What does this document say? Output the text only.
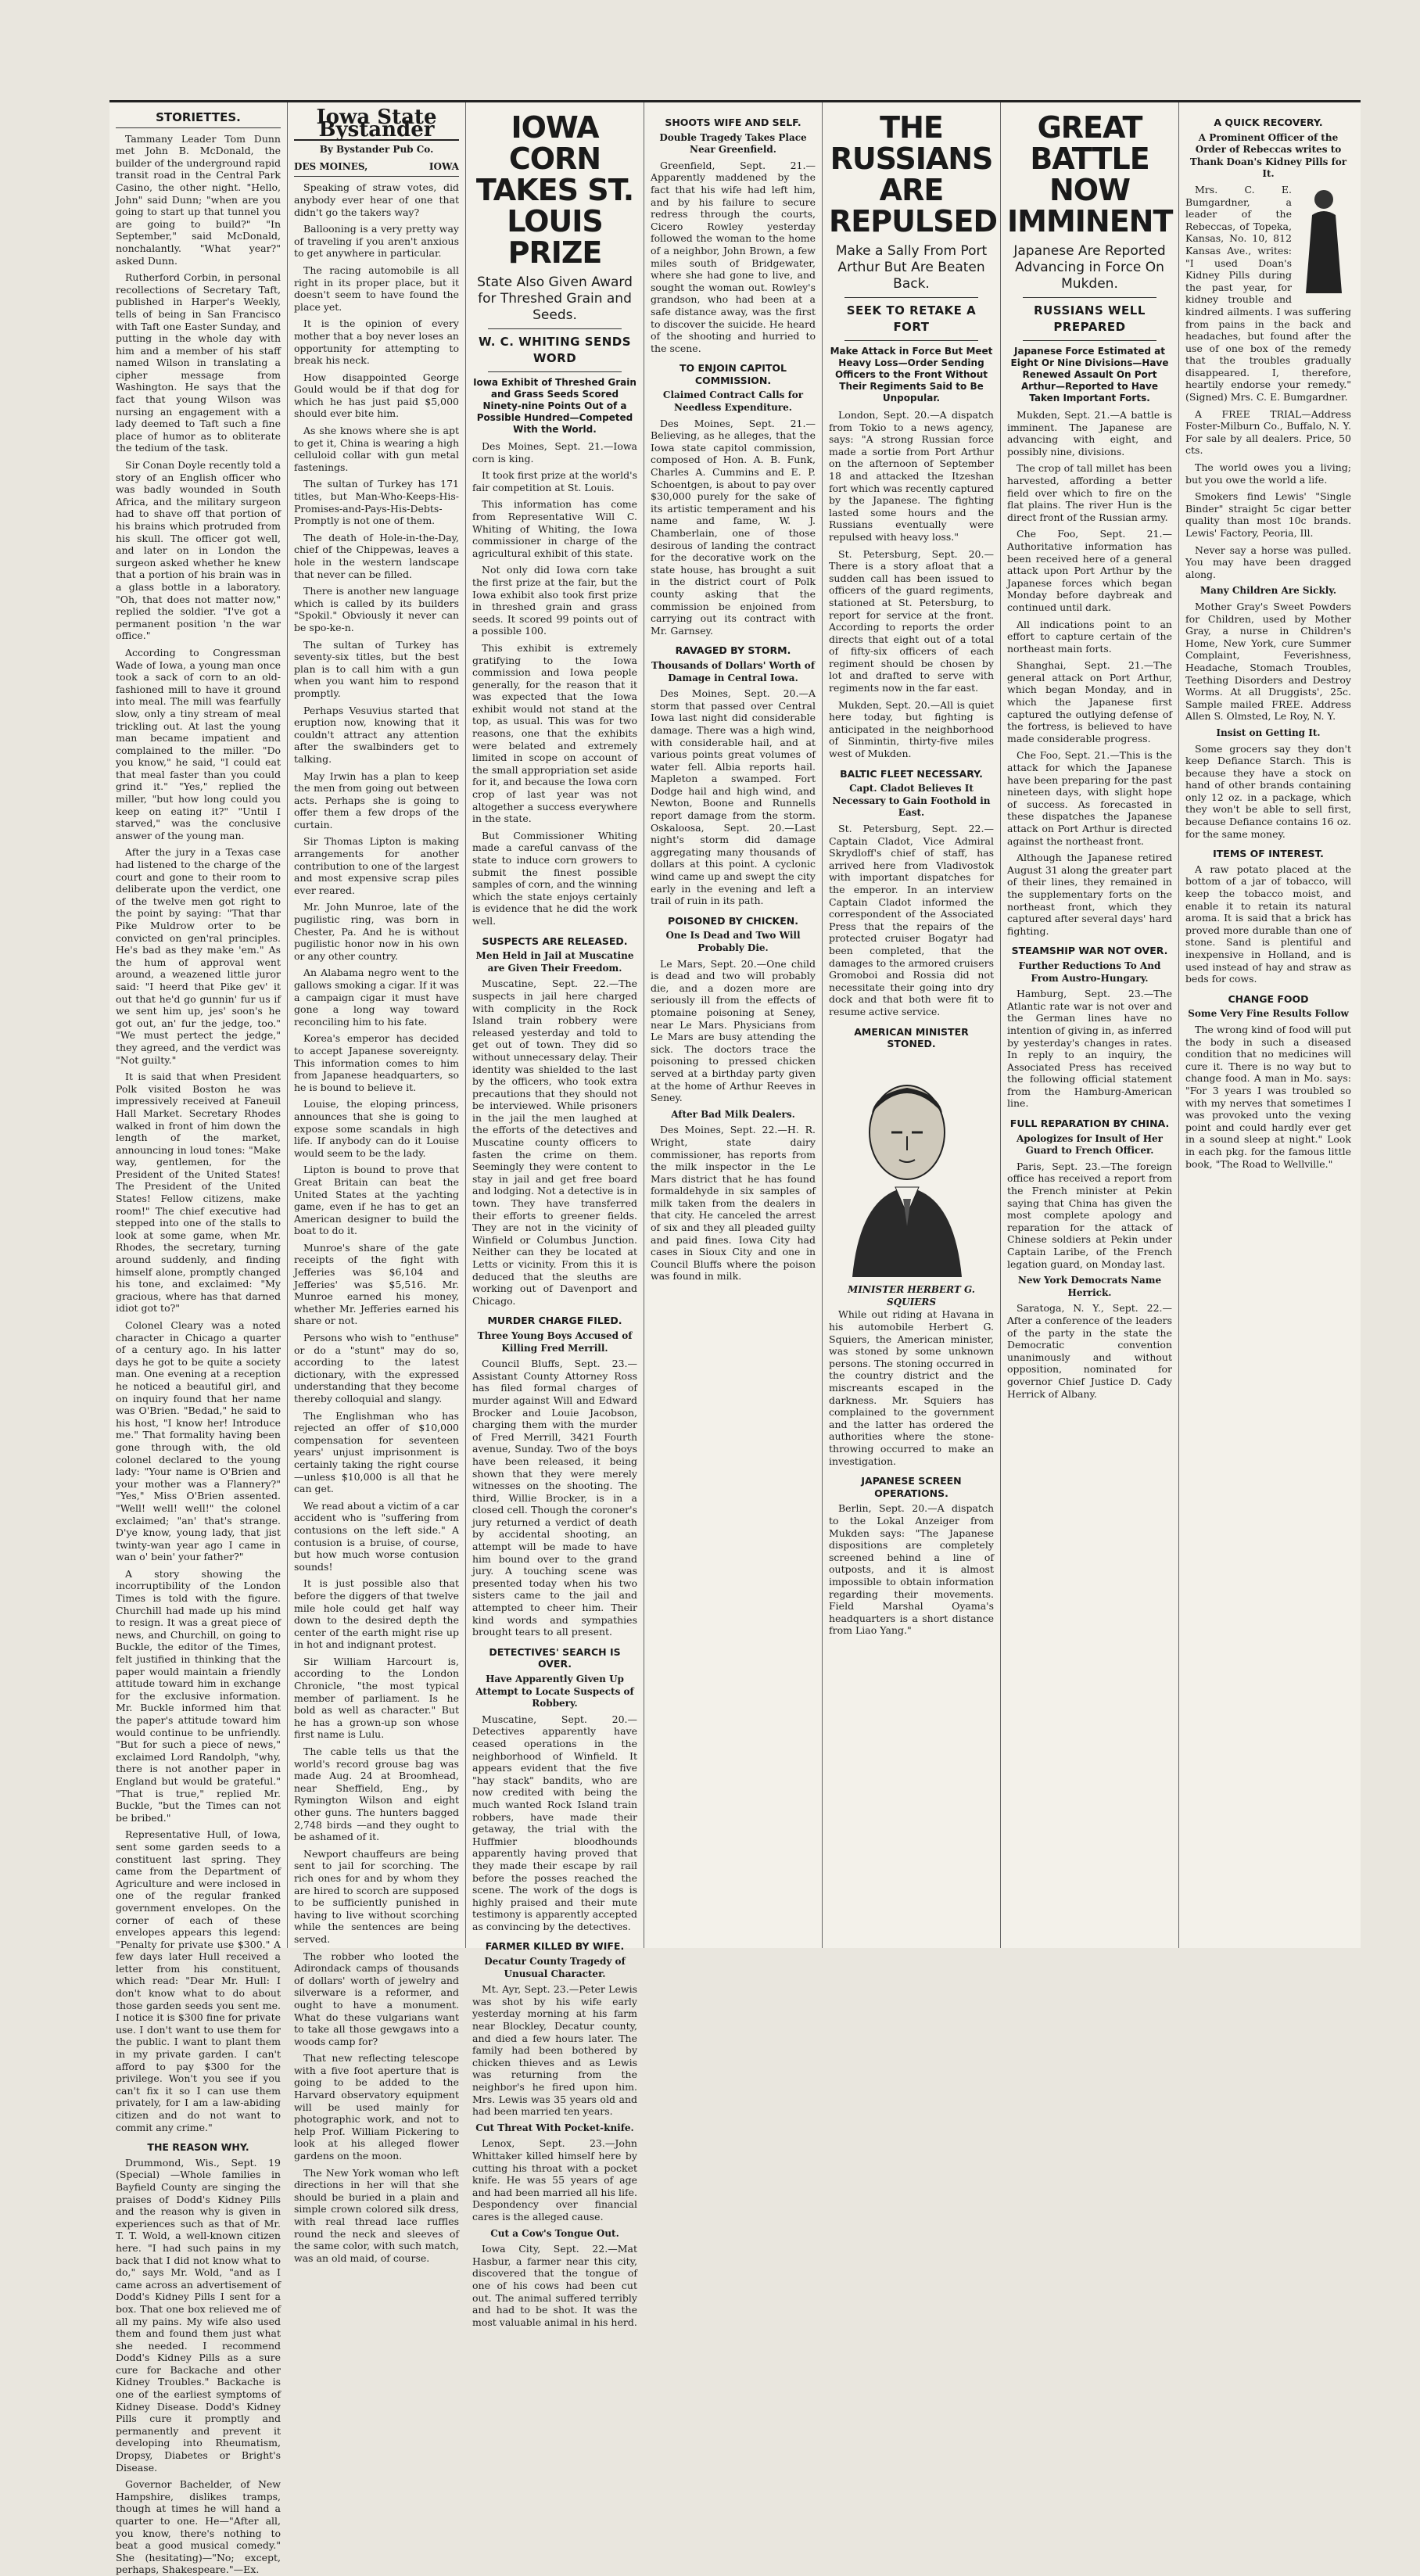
STORIETTES.

Tammany Leader Tom Dunn met John B. McDonald, the builder of the underground rapid transit road in the Central Park Casino, the other night. "Hello, John" said Dunn; "when are you going to start up that tunnel you are going to build?" "In September," said McDonald, nonchalantly. "What year?" asked Dunn.

Rutherford Corbin, in personal recollections of Secretary Taft, published in Harper's Weekly, tells of being in San Francisco with Taft one Easter Sunday, and putting in the whole day with him and a member of his staff named Wilson in translating a cipher message from Washington. He says that the fact that young Wilson was nursing an engagement with a lady deemed to Taft such a fine place of humor as to obliterate the tedium of the task.

Sir Conan Doyle recently told a story of an English officer who was badly wounded in South Africa, and the military surgeon had to shave off that portion of his brains which protruded from his skull. The officer got well, and later on in London the surgeon asked whether he knew that a portion of his brain was in a glass bottle in a laboratory. "Oh, that does not matter now," replied the soldier. "I've got a permanent position 'n the war office."

According to Congressman Wade of Iowa, a young man once took a sack of corn to an old-fashioned mill to have it ground into meal. The mill was fearfully slow, only a tiny stream of meal trickling out. At last the young man became impatient and complained to the miller. "Do you know," he said, "I could eat that meal faster than you could grind it." "Yes," replied the miller, "but how long could you keep on eating it?" "Until I starved," was the conclusive answer of the young man.

After the jury in a Texas case had listened to the charge of the court and gone to their room to deliberate upon the verdict, one of the twelve men got right to the point by saying: "That thar Pike Muldrow orter to be convicted on gen'ral principles. He's bad as they make 'em." As the hum of approval went around, a weazened little juror said: "I heerd that Pike gev' it out that he'd go gunnin' fur us if we sent him up, jes' soon's he got out, an' fur the jedge, too." "We must pertect the jedge," they agreed, and the verdict was "Not guilty."

It is said that when President Polk visited Boston he was impressively received at Faneuil Hall Market. Secretary Rhodes walked in front of him down the length of the market, announcing in loud tones: "Make way, gentlemen, for the President of the United States! The President of the United States! Fellow citizens, make room!" The chief executive had stepped into one of the stalls to look at some game, when Mr. Rhodes, the secretary, turning around suddenly, and finding himself alone, promptly changed his tone, and exclaimed: "My gracious, where has that darned idiot got to?"

Colonel Cleary was a noted character in Chicago a quarter of a century ago. In his latter days he got to be quite a society man. One evening at a reception he noticed a beautiful girl, and on inquiry found that her name was O'Brien. "Bedad," he said to his host, "I know her! Introduce me." That formality having been gone through with, the old colonel declared to the young lady: "Your name is O'Brien and your mother was a Flannery?" "Yes," Miss O'Brien assented. "Well! well! well!" the colonel exclaimed; "an' that's strange. D'ye know, young lady, that jist twinty-wan year ago I came in wan o' bein' your father?"

A story showing the incorruptibility of the London Times is told with the figure. Churchill had made up his mind to resign. It was a great piece of news, and Churchill, on going to Buckle, the editor of the Times, felt justified in thinking that the paper would maintain a friendly attitude toward him in exchange for the exclusive information. Mr. Buckle informed him that the paper's attitude toward him would continue to be unfriendly. "But for such a piece of news," exclaimed Lord Randolph, "why, there is not another paper in England but would be grateful." "That is true," replied Mr. Buckle, "but the Times can not be bribed."

Representative Hull, of Iowa, sent some garden seeds to a constituent last spring. They came from the Department of Agriculture and were inclosed in one of the regular franked government envelopes. On the corner of each of these envelopes appears this legend: "Penalty for private use $300." A few days later Hull received a letter from his constituent, which read: "Dear Mr. Hull: I don't know what to do about those garden seeds you sent me. I notice it is $300 fine for private use. I don't want to use them for the public. I want to plant them in my private garden. I can't afford to pay $300 for the privilege. Won't you see if you can't fix it so I can use them privately, for I am a law-abiding citizen and do not want to commit any crime."

THE REASON WHY.

Drummond, Wis., Sept. 19 (Special) —Whole families in Bayfield County are singing the praises of Dodd's Kidney Pills and the reason why is given in experiences such as that of Mr. T. T. Wold, a well-known citizen here. "I had such pains in my back that I did not know what to do," says Mr. Wold, "and as I came across an advertisement of Dodd's Kidney Pills I sent for a box. That one box relieved me of all my pains. My wife also used them and found them just what she needed. I recommend Dodd's Kidney Pills as a sure cure for Backache and other Kidney Troubles." Backache is one of the earliest symptoms of Kidney Disease. Dodd's Kidney Pills cure it promptly and permanently and prevent it developing into Rheumatism, Dropsy, Diabetes or Bright's Disease.

Governor Bachelder, of New Hampshire, dislikes tramps, though at times he will hand a quarter to one. He—"After all, you know, there's nothing to beat a good musical comedy." She (hesitating)—"No; except, perhaps, Shakespeare."—Ex.

Iowa State Bystander
By Bystander Pub Co.
DES MOINES,	IOWA

Speaking of straw votes, did anybody ever hear of one that didn't go the takers way?

Ballooning is a very pretty way of traveling if you aren't anxious to get anywhere in particular.

The racing automobile is all right in its proper place, but it doesn't seem to have found the place yet.

It is the opinion of every mother that a boy never loses an opportunity for attempting to break his neck.

How disappointed George Gould would be if that dog for which he has just paid $5,000 should ever bite him.

As she knows where she is apt to get it, China is wearing a high celluloid collar with gun metal fastenings.

The sultan of Turkey has 171 titles, but Man-Who-Keeps-His-Promises-and-Pays-His-Debts-Promptly is not one of them.

The death of Hole-in-the-Day, chief of the Chippewas, leaves a hole in the western landscape that never can be filled.

There is another new language which is called by its builders "Spokil." Obviously it never can be spo-ke-n.

The sultan of Turkey has seventy-six titles, but the best plan is to call him with a gun when you want him to respond promptly.

Perhaps Vesuvius started that eruption now, knowing that it couldn't attract any attention after the swalbinders get to talking.

May Irwin has a plan to keep the men from going out between acts. Perhaps she is going to offer them a few drops of the curtain.

Sir Thomas Lipton is making arrangements for another contribution to one of the largest and most expensive scrap piles ever reared.

Mr. John Munroe, late of the pugilistic ring, was born in Chester, Pa. And he is without pugilistic honor now in his own or any other country.

An Alabama negro went to the gallows smoking a cigar. If it was a campaign cigar it must have gone a long way toward reconciling him to his fate.

Korea's emperor has decided to accept Japanese sovereignty. This information comes to him from Japanese headquarters, so he is bound to believe it.

Louise, the eloping princess, announces that she is going to expose some scandals in high life. If anybody can do it Louise would seem to be the lady.

Lipton is bound to prove that Great Britain can beat the United States at the yachting game, even if he has to get an American designer to build the boat to do it.

Munroe's share of the gate receipts of the fight with Jefferies was $6,104 and Jefferies' was $5,516. Mr. Munroe earned his money, whether Mr. Jefferies earned his share or not.

Persons who wish to "enthuse" or do a "stunt" may do so, according to the latest dictionary, with the expressed understanding that they become thereby colloquial and slangy.

The Englishman who has rejected an offer of $10,000 compensation for seventeen years' unjust imprisonment is certainly taking the right course—unless $10,000 is all that he can get.

We read about a victim of a car accident who is "suffering from contusions on the left side." A contusion is a bruise, of course, but how much worse contusion sounds!

It is just possible also that before the diggers of that twelve mile hole could get half way down to the desired depth the center of the earth might rise up in hot and indignant protest.

Sir William Harcourt is, according to the London Chronicle, "the most typical member of parliament. Is he bold as well as character." But he has a grown-up son whose first name is Lulu.

The cable tells us that the world's record grouse bag was made Aug. 24 at Broomhead, near Sheffield, Eng., by Rymington Wilson and eight other guns. The hunters bagged 2,748 birds —and they ought to be ashamed of it.

Newport chauffeurs are being sent to jail for scorching. The rich ones for and by whom they are hired to scorch are supposed to be sufficiently punished in having to live without scorching while the sentences are being served.

The robber who looted the Adirondack camps of thousands of dollars' worth of jewelry and silverware is a reformer, and ought to have a monument. What do these vulgarians want to take all those gewgaws into a woods camp for?

That new reflecting telescope with a five foot aperture that is going to be added to the Harvard observatory equipment will be used mainly for photographic work, and not to help Prof. William Pickering to look at his alleged flower gardens on the moon.

The New York woman who left directions in her will that she should be buried in a plain and simple crown colored silk dress, with real thread lace ruffles round the neck and sleeves of the same color, with such match, was an old maid, of course.

IOWA CORN TAKES ST. LOUIS PRIZE
State Also Given Award for Threshed Grain and Seeds.
W. C. WHITING SENDS WORD
Iowa Exhibit of Threshed Grain and Grass Seeds Scored Ninety-nine Points Out of a Possible Hundred—Competed With the World.

Des Moines, Sept. 21.—Iowa corn is king.

It took first prize at the world's fair competition at St. Louis.

This information has come from Representative Will C. Whiting of Whiting, the Iowa commissioner in charge of the agricultural exhibit of this state.

Not only did Iowa corn take the first prize at the fair, but the Iowa exhibit also took first prize in threshed grain and grass seeds. It scored 99 points out of a possible 100.

This exhibit is extremely gratifying to the Iowa commission and Iowa people generally, for the reason that it was expected that the Iowa exhibit would not stand at the top, as usual. This was for two reasons, one that the exhibits were belated and extremely limited in scope on account of the small appropriation set aside for it, and because the Iowa corn crop of last year was not altogether a success everywhere in the state.

But Commissioner Whiting made a careful canvass of the state to induce corn growers to submit the finest possible samples of corn, and the winning which the state enjoys certainly is evidence that he did the work well.

SUSPECTS ARE RELEASED.
Men Held in Jail at Muscatine are Given Their Freedom.

Muscatine, Sept. 22.—The suspects in jail here charged with complicity in the Rock Island train robbery were released yesterday and told to get out of town. They did so without unnecessary delay. Their identity was shielded to the last by the officers, who took extra precautions that they should not be interviewed. While prisoners in the jail the men laughed at the efforts of the detectives and Muscatine county officers to fasten the crime on them. Seemingly they were content to stay in jail and get free board and lodging. Not a detective is in town. They have transferred their efforts to greener fields. They are not in the vicinity of Winfield or Columbus Junction. Neither can they be located at Letts or vicinity. From this it is deduced that the sleuths are working out of Davenport and Chicago.

MURDER CHARGE FILED.
Three Young Boys Accused of Killing Fred Merrill.

Council Bluffs, Sept. 23.—Assistant County Attorney Ross has filed formal charges of murder against Will and Edward Brocker and Louie Jacobson, charging them with the murder of Fred Merrill, 3421 Fourth avenue, Sunday. Two of the boys have been released, it being shown that they were merely witnesses on the shooting. The third, Willie Brocker, is in a closed cell. Though the coroner's jury returned a verdict of death by accidental shooting, an attempt will be made to have him bound over to the grand jury. A touching scene was presented today when his two sisters came to the jail and attempted to cheer him. Their kind words and sympathies brought tears to all present.

DETECTIVES' SEARCH IS OVER.
Have Apparently Given Up Attempt to Locate Suspects of Robbery.

Muscatine, Sept. 20.—Detectives apparently have ceased operations in the neighborhood of Winfield. It appears evident that the five "hay stack" bandits, who are now credited with being the much wanted Rock Island train robbers, have made their getaway, the trial with the Huffmier bloodhounds apparently having proved that they made their escape by rail before the posses reached the scene. The work of the dogs is highly praised and their mute testimony is apparently accepted as convincing by the detectives.

FARMER KILLED BY WIFE.
Decatur County Tragedy of Unusual Character.

Mt. Ayr, Sept. 23.—Peter Lewis was shot by his wife early yesterday morning at his farm near Blockley, Decatur county, and died a few hours later. The family had been bothered by chicken thieves and as Lewis was returning from the neighbor's he fired upon him. Mrs. Lewis was 35 years old and had been married ten years.

Cut Threat With Pocket-knife.

Lenox, Sept. 23.—John Whittaker killed himself here by cutting his throat with a pocket knife. He was 55 years of age and had been married all his life. Despondency over financial cares is the alleged cause.

Cut a Cow's Tongue Out.

Iowa City, Sept. 22.—Mat Hasbur, a farmer near this city, discovered that the tongue of one of his cows had been cut out. The animal suffered terribly and had to be shot. It was the most valuable animal in his herd.

SHOOTS WIFE AND SELF.
Double Tragedy Takes Place Near Greenfield.

Greenfield, Sept. 21.—Apparently maddened by the fact that his wife had left him, and by his failure to secure redress through the courts, Cicero Rowley yesterday followed the woman to the home of a neighbor, John Brown, a few miles south of Bridgewater, where she had gone to live, and sought the woman out. Rowley's grandson, who had been at a safe distance away, was the first to discover the suicide. He heard of the shooting and hurried to the scene.

TO ENJOIN CAPITOL COMMISSION.
Claimed Contract Calls for Needless Expenditure.

Des Moines, Sept. 21.—Believing, as he alleges, that the Iowa state capitol commission, composed of Hon. A. B. Funk, Charles A. Cummins and E. P. Schoentgen, is about to pay over $30,000 purely for the sake of its artistic temperament and his name and fame, W. J. Chamberlain, one of those desirous of landing the contract for the decorative work on the state house, has brought a suit in the district court of Polk county asking that the commission be enjoined from carrying out its contract with Mr. Garnsey.

RAVAGED BY STORM.
Thousands of Dollars' Worth of Damage in Central Iowa.

Des Moines, Sept. 20.—A storm that passed over Central Iowa last night did considerable damage. There was a high wind, with considerable hail, and at various points great volumes of water fell. Albia reports hail. Mapleton a swamped. Fort Dodge hail and high wind, and Newton, Boone and Runnells report damage from the storm. Oskaloosa, Sept. 20.—Last night's storm did damage aggregating many thousands of dollars at this point. A cyclonic wind came up and swept the city early in the evening and left a trail of ruin in its path.

POISONED BY CHICKEN.
One Is Dead and Two Will Probably Die.

Le Mars, Sept. 20.—One child is dead and two will probably die, and a dozen more are seriously ill from the effects of ptomaine poisoning at Seney, near Le Mars. Physicians from Le Mars are busy attending the sick. The doctors trace the poisoning to pressed chicken served at a birthday party given at the home of Arthur Reeves in Seney.

After Bad Milk Dealers.

Des Moines, Sept. 22.—H. R. Wright, state dairy commissioner, has reports from the milk inspector in the Le Mars district that he has found formaldehyde in six samples of milk taken from the dealers in that city. He canceled the arrest of six and they all pleaded guilty and paid fines. Iowa City had cases in Sioux City and one in Council Bluffs where the poison was found in milk.

THE RUSSIANS ARE REPULSED
Make a Sally From Port Arthur But Are Beaten Back.
SEEK TO RETAKE A FORT
Make Attack in Force But Meet Heavy Loss—Order Sending Officers to the Front Without Their Regiments Said to Be Unpopular.

London, Sept. 20.—A dispatch from Tokio to a news agency, says: "A strong Russian force made a sortie from Port Arthur on the afternoon of September 18 and attacked the Itzeshan fort which was recently captured by the Japanese. The fighting lasted some hours and the Russians eventually were repulsed with heavy loss."

St. Petersburg, Sept. 20.—There is a story afloat that a sudden call has been issued to officers of the guard regiments, stationed at St. Petersburg, to report for service at the front. According to reports the order directs that eight out of a total of fifty-six officers of each regiment should be chosen by lot and drafted to serve with regiments now in the far east.

Mukden, Sept. 20.—All is quiet here today, but fighting is anticipated in the neighborhood of Sinmintin, thirty-five miles west of Mukden.

BALTIC FLEET NECESSARY.
Capt. Cladot Believes It Necessary to Gain Foothold in East.

St. Petersburg, Sept. 22.—Captain Cladot, Vice Admiral Skrydloff's chief of staff, has arrived here from Vladivostok with important dispatches for the emperor. In an interview Captain Cladot informed the correspondent of the Associated Press that the repairs of the protected cruiser Bogatyr had been completed, that the damages to the armored cruisers Gromoboi and Rossia did not necessitate their going into dry dock and that both were fit to resume active service.

AMERICAN MINISTER STONED.
MINISTER HERBERT G. SQUIERS

While out riding at Havana in his automobile Herbert G. Squiers, the American minister, was stoned by some unknown persons. The stoning occurred in the country district and the miscreants escaped in the darkness. Mr. Squiers has complained to the government and the latter has ordered the authorities where the stone-throwing occurred to make an investigation.

JAPANESE SCREEN OPERATIONS.

Berlin, Sept. 20.—A dispatch to the Lokal Anzeiger from Mukden says: "The Japanese dispositions are completely screened behind a line of outposts, and it is almost impossible to obtain information regarding their movements. Field Marshal Oyama's headquarters is a short distance from Liao Yang."

GREAT BATTLE NOW IMMINENT
Japanese Are Reported Advancing in Force On Mukden.
RUSSIANS WELL PREPARED
Japanese Force Estimated at Eight Or Nine Divisions—Have Renewed Assault On Port Arthur—Reported to Have Taken Important Forts.

Mukden, Sept. 21.—A battle is imminent. The Japanese are advancing with eight, and possibly nine, divisions.

The crop of tall millet has been harvested, affording a better field over which to fire on the flat plains. The river Hun is the direct front of the Russian army.

Che Foo, Sept. 21.—Authoritative information has been received here of a general attack upon Port Arthur by the Japanese forces which began Monday before daybreak and continued until dark.

All indications point to an effort to capture certain of the northeast main forts.

Shanghai, Sept. 21.—The general attack on Port Arthur, which began Monday, and in which the Japanese first captured the outlying defense of the fortress, is believed to have made considerable progress.

Che Foo, Sept. 21.—This is the attack for which the Japanese have been preparing for the past nineteen days, with slight hope of success. As forecasted in these dispatches the Japanese attack on Port Arthur is directed against the northeast front.

Although the Japanese retired August 31 along the greater part of their lines, they remained in the supplementary forts on the northeast front, which they captured after several days' hard fighting.

STEAMSHIP WAR NOT OVER.
Further Reductions To And From Austro-Hungary.

Hamburg, Sept. 23.—The Atlantic rate war is not over and the German lines have no intention of giving in, as inferred by yesterday's changes in rates. In reply to an inquiry, the Associated Press has received the following official statement from the Hamburg-American line.

FULL REPARATION BY CHINA.
Apologizes for Insult of Her Guard to French Officer.

Paris, Sept. 23.—The foreign office has received a report from the French minister at Pekin saying that China has given the most complete apology and reparation for the attack of Chinese soldiers at Pekin under Captain Laribe, of the French legation guard, on Monday last.

New York Democrats Name Herrick.

Saratoga, N. Y., Sept. 22.—After a conference of the leaders of the party in the state the Democratic convention unanimously and without opposition, nominated for governor Chief Justice D. Cady Herrick of Albany.

A QUICK RECOVERY.
A Prominent Officer of the Order of Rebeccas writes to Thank Doan's Kidney Pills for It.

Mrs. C. E. Bumgardner, a leader of the Rebeccas, of Topeka, Kansas, No. 10, 812 Kansas Ave., writes: "I used Doan's Kidney Pills during the past year, for kidney trouble and kindred ailments. I was suffering from pains in the back and headaches, but found after the use of one box of the remedy that the troubles gradually disappeared. I, therefore, heartily endorse your remedy." (Signed) Mrs. C. E. Bumgardner.

A FREE TRIAL—Address Foster-Milburn Co., Buffalo, N. Y. For sale by all dealers. Price, 50 cts.

The world owes you a living; but you owe the world a life.

Smokers find Lewis' "Single Binder" straight 5c cigar better quality than most 10c brands. Lewis' Factory, Peoria, Ill.

Never say a horse was pulled. You may have been dragged along.

Many Children Are Sickly.

Mother Gray's Sweet Powders for Children, used by Mother Gray, a nurse in Children's Home, New York, cure Summer Complaint, Feverishness, Headache, Stomach Troubles, Teething Disorders and Destroy Worms. At all Druggists', 25c. Sample mailed FREE. Address Allen S. Olmsted, Le Roy, N. Y.

Insist on Getting It.

Some grocers say they don't keep Defiance Starch. This is because they have a stock on hand of other brands containing only 12 oz. in a package, which they won't be able to sell first, because Defiance contains 16 oz. for the same money.

ITEMS OF INTEREST.

A raw potato placed at the bottom of a jar of tobacco, will keep the tobacco moist, and enable it to retain its natural aroma. It is said that a brick has proved more durable than one of stone. Sand is plentiful and inexpensive in Holland, and is used instead of hay and straw as beds for cows.

CHANGE FOOD
Some Very Fine Results Follow

The wrong kind of food will put the body in such a diseased condition that no medicines will cure it. There is no way but to change food. A man in Mo. says: "For 3 years I was troubled so with my nerves that sometimes I was provoked unto the vexing point and could hardly ever get in a sound sleep at night." Look in each pkg. for the famous little book, "The Road to Wellville."
